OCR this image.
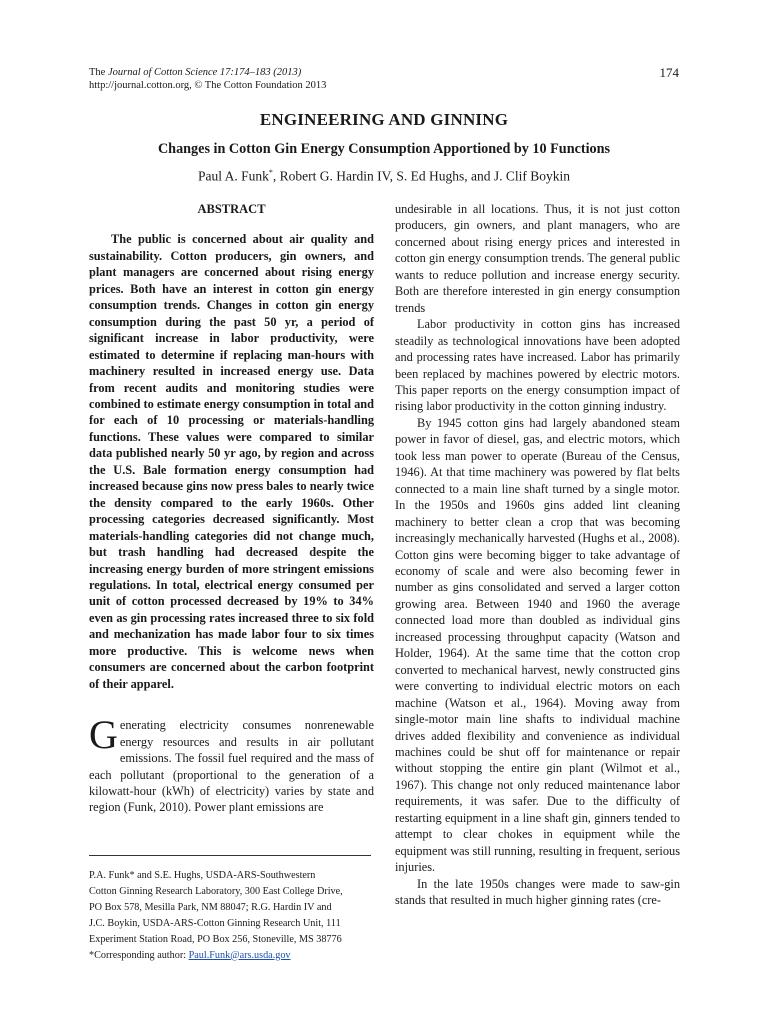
The Journal of Cotton Science 17:174–183 (2013)
http://journal.cotton.org, © The Cotton Foundation 2013
174
ENGINEERING AND GINNING
Changes in Cotton Gin Energy Consumption Apportioned by 10 Functions
Paul A. Funk*, Robert G. Hardin IV, S. Ed Hughs, and J. Clif Boykin
ABSTRACT

The public is concerned about air quality and sustainability. Cotton producers, gin owners, and plant managers are concerned about rising energy prices. Both have an interest in cotton gin energy consumption trends. Changes in cotton gin energy consumption during the past 50 yr, a period of significant increase in labor productivity, were estimated to determine if replacing man-hours with machinery resulted in increased energy use. Data from recent audits and monitoring studies were combined to estimate energy consumption in total and for each of 10 processing or materials-handling functions. These values were compared to similar data published nearly 50 yr ago, by region and across the U.S. Bale formation energy consumption had increased because gins now press bales to nearly twice the density compared to the early 1960s. Other processing categories decreased significantly. Most materials-handling categories did not change much, but trash handling had decreased despite the increasing energy burden of more stringent emissions regulations. In total, electrical energy consumed per unit of cotton processed decreased by 19% to 34% even as gin processing rates increased three to six fold and mechanization has made labor four to six times more productive. This is welcome news when consumers are concerned about the carbon footprint of their apparel.

G enerating electricity consumes nonrenewable energy resources and results in air pollutant emissions. The fossil fuel required and the mass of each pollutant (proportional to the generation of a kilowatt-hour (kWh) of electricity) varies by state and region (Funk, 2010). Power plant emissions are

undesirable in all locations. Thus, it is not just cotton producers, gin owners, and plant managers, who are concerned about rising energy prices and interested in cotton gin energy consumption trends. The general public wants to reduce pollution and increase energy security. Both are therefore interested in gin energy consumption trends

Labor productivity in cotton gins has increased steadily as technological innovations have been adopted and processing rates have increased. Labor has primarily been replaced by machines powered by electric motors. This paper reports on the energy consumption impact of rising labor productivity in the cotton ginning industry.

By 1945 cotton gins had largely abandoned steam power in favor of diesel, gas, and electric motors, which took less man power to operate (Bureau of the Census, 1946). At that time machinery was powered by flat belts connected to a main line shaft turned by a single motor. In the 1950s and 1960s gins added lint cleaning machinery to better clean a crop that was becoming increasingly mechanically harvested (Hughs et al., 2008). Cotton gins were becoming bigger to take advantage of economy of scale and were also becoming fewer in number as gins consolidated and served a larger cotton growing area. Between 1940 and 1960 the average connected load more than doubled as individual gins increased processing throughput capacity (Watson and Holder, 1964). At the same time that the cotton crop converted to mechanical harvest, newly constructed gins were converting to individual electric motors on each machine (Watson et al., 1964). Moving away from single-motor main line shafts to individual machine drives added flexibility and convenience as individual machines could be shut off for maintenance or repair without stopping the entire gin plant (Wilmot et al., 1967). This change not only reduced maintenance labor requirements, it was safer. Due to the difficulty of restarting equipment in a line shaft gin, ginners tended to attempt to clear chokes in equipment while the equipment was still running, resulting in frequent, serious injuries.

In the late 1950s changes were made to saw-gin stands that resulted in much higher ginning rates (cre-

P.A. Funk* and S.E. Hughs, USDA-ARS-Southwestern

Cotton Ginning Research Laboratory, 300 East College Drive,

PO Box 578, Mesilla Park, NM 88047; R.G. Hardin IV and

J.C. Boykin, USDA-ARS-Cotton Ginning Research Unit, 111

Experiment Station Road, PO Box 256, Stoneville, MS 38776

*Corresponding author: Paul.Funk@ars.usda.gov
